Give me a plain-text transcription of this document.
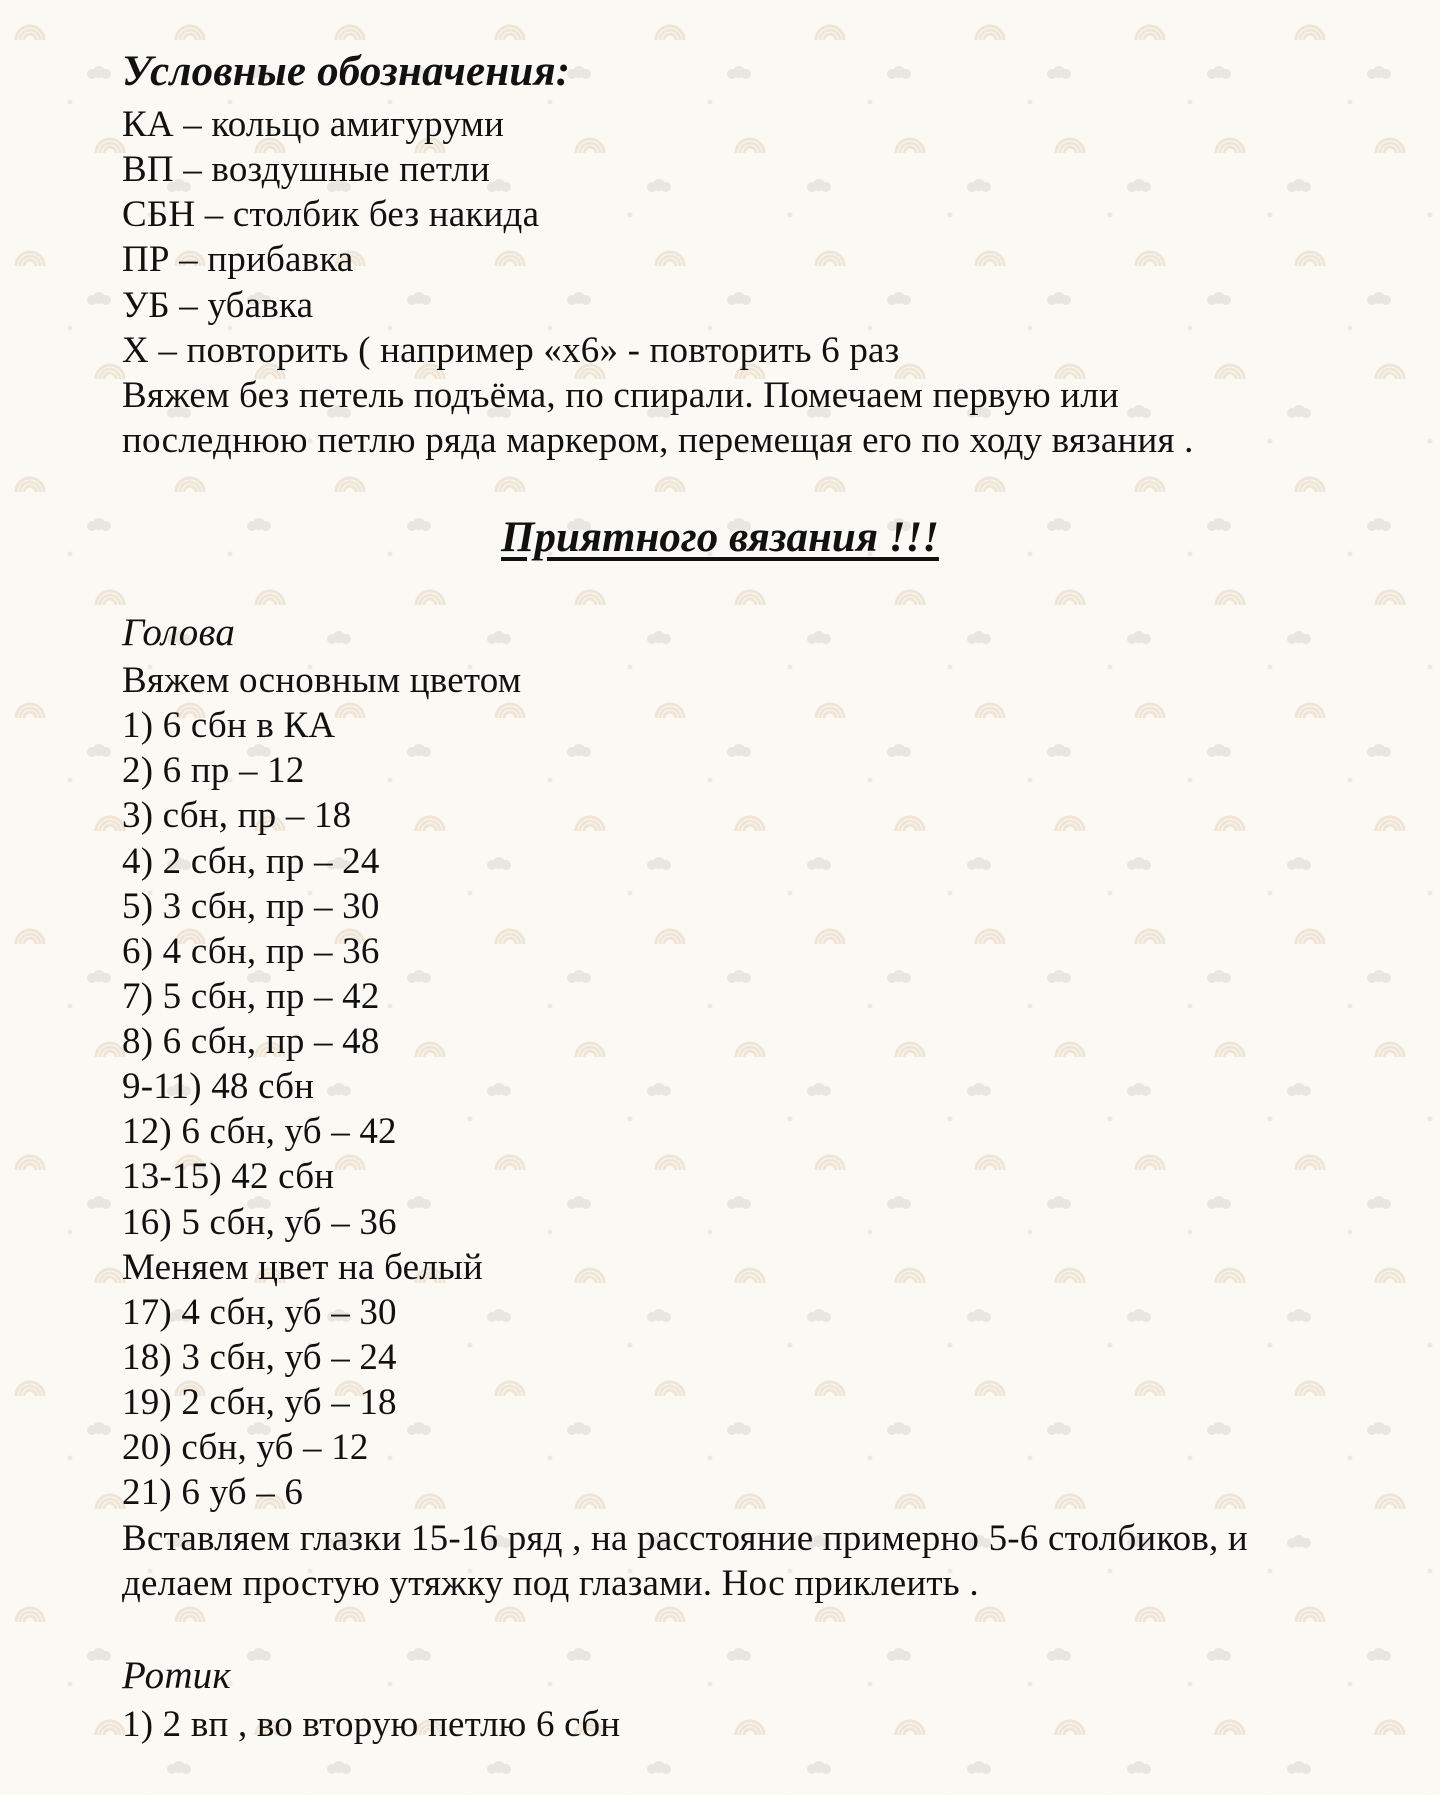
Условные обозначения:
КА – кольцо амигуруми
ВП – воздушные петли
СБН – столбик без накида
ПР – прибавка
УБ – убавка
Х – повторить ( например «х6» - повторить 6 раз
Вяжем без петель подъёма, по спирали. Помечаем первую или
последнюю петлю ряда маркером, перемещая его по ходу вязания .
Приятного вязания !!!
Голова
Вяжем основным цветом
1) 6 сбн в КА
2) 6 пр – 12
3) сбн, пр – 18
4) 2 сбн, пр – 24
5) 3 сбн, пр – 30
6) 4 сбн, пр – 36
7) 5 сбн, пр – 42
8) 6 сбн, пр – 48
9-11) 48 сбн
12) 6 сбн, уб – 42
13-15) 42 сбн
16) 5 сбн, уб – 36
Меняем цвет на белый
17) 4 сбн, уб – 30
18) 3 сбн, уб – 24
19) 2 сбн, уб – 18
20) сбн, уб – 12
21) 6 уб – 6
Вставляем глазки 15-16 ряд , на расстояние примерно 5-6 столбиков, и
делаем простую утяжку под глазами. Нос приклеить .
Ротик
1) 2 вп , во вторую петлю 6 сбн
